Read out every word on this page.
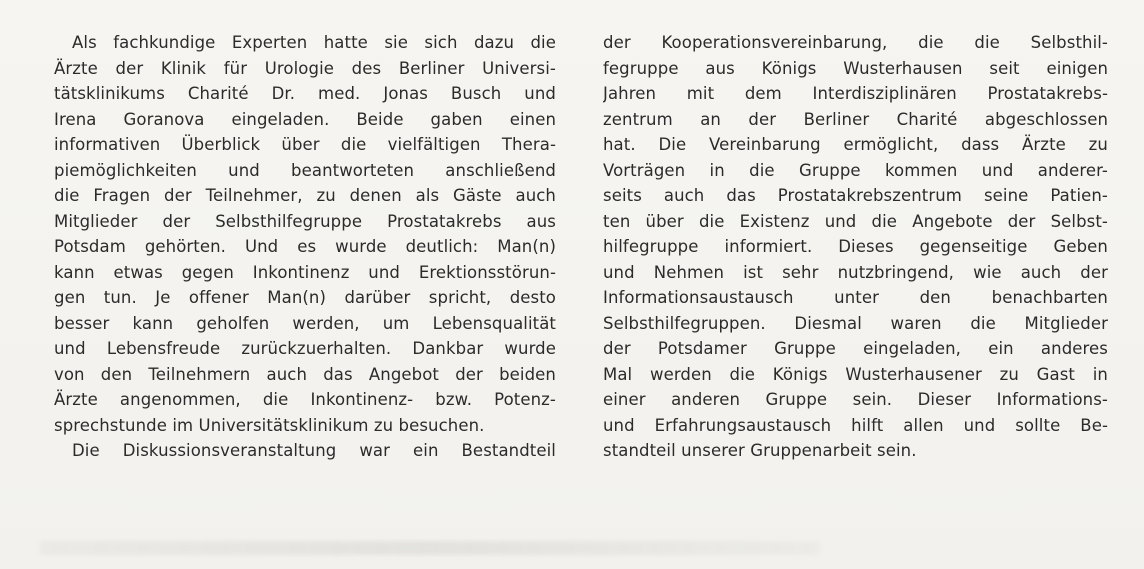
Als fachkundige Experten hatte sie sich dazu die
Ärzte der Klinik für Urologie des Berliner Universi-
tätsklinikums Charité Dr. med. Jonas Busch und
Irena Goranova eingeladen. Beide gaben einen
informativen Überblick über die vielfältigen Thera-
piemöglichkeiten und beantworteten anschließend
die Fragen der Teilnehmer, zu denen als Gäste auch
Mitglieder der Selbsthilfegruppe Prostatakrebs aus
Potsdam gehörten. Und es wurde deutlich: Man(n)
kann etwas gegen Inkontinenz und Erektionsstörun-
gen tun. Je offener Man(n) darüber spricht, desto
besser kann geholfen werden, um Lebensqualität
und Lebensfreude zurückzuerhalten. Dankbar wurde
von den Teilnehmern auch das Angebot der beiden
Ärzte angenommen, die Inkontinenz- bzw. Potenz-
sprechstunde im Universitätsklinikum zu besuchen.
Die Diskussionsveranstaltung war ein Bestandteil
der Kooperationsvereinbarung, die die Selbsthil-
fegruppe aus Königs Wusterhausen seit einigen
Jahren mit dem Interdisziplinären Prostatakrebs-
zentrum an der Berliner Charité abgeschlossen
hat. Die Vereinbarung ermöglicht, dass Ärzte zu
Vorträgen in die Gruppe kommen und anderer-
seits auch das Prostatakrebszentrum seine Patien-
ten über die Existenz und die Angebote der Selbst-
hilfegruppe informiert. Dieses gegenseitige Geben
und Nehmen ist sehr nutzbringend, wie auch der
Informationsaustausch unter den benachbarten
Selbsthilfegruppen. Diesmal waren die Mitglieder
der Potsdamer Gruppe eingeladen, ein anderes
Mal werden die Königs Wusterhausener zu Gast in
einer anderen Gruppe sein. Dieser Informations-
und Erfahrungsaustausch hilft allen und sollte Be-
standteil unserer Gruppenarbeit sein.
